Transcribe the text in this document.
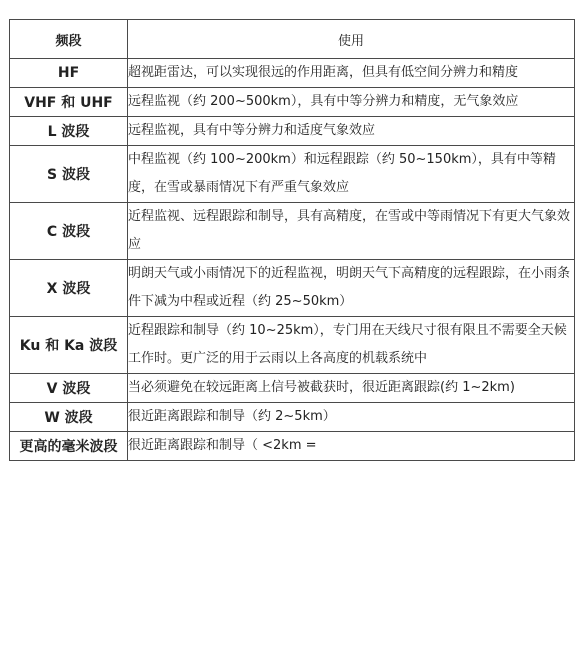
频段	使用
HF	超视距雷达，可以实现很远的作用距离，但具有低空间分辨力和精度
VHF 和 UHF	远程监视（约 200~500km），具有中等分辨力和精度，无气象效应
L 波段	远程监视，具有中等分辨力和适度气象效应
S 波段	中程监视（约 100~200km）和远程跟踪（约 50~150km），具有中等精度，在雪或暴雨情况下有严重气象效应
C 波段	近程监视、远程跟踪和制导，具有高精度，在雪或中等雨情况下有更大气象效应
X 波段	明朗天气或小雨情况下的近程监视，明朗天气下高精度的远程跟踪，在小雨条件下减为中程或近程（约 25~50km）
Ku 和 Ka 波段	近程跟踪和制导（约 10~25km），专门用在天线尺寸很有限且不需要全天候工作时。更广泛的用于云雨以上各高度的机载系统中
V 波段	当必须避免在较远距离上信号被截获时，很近距离跟踪(约 1~2km)
W 波段	很近距离跟踪和制导（约 2~5km）
更高的毫米波段	很近距离跟踪和制导（ <2km =
